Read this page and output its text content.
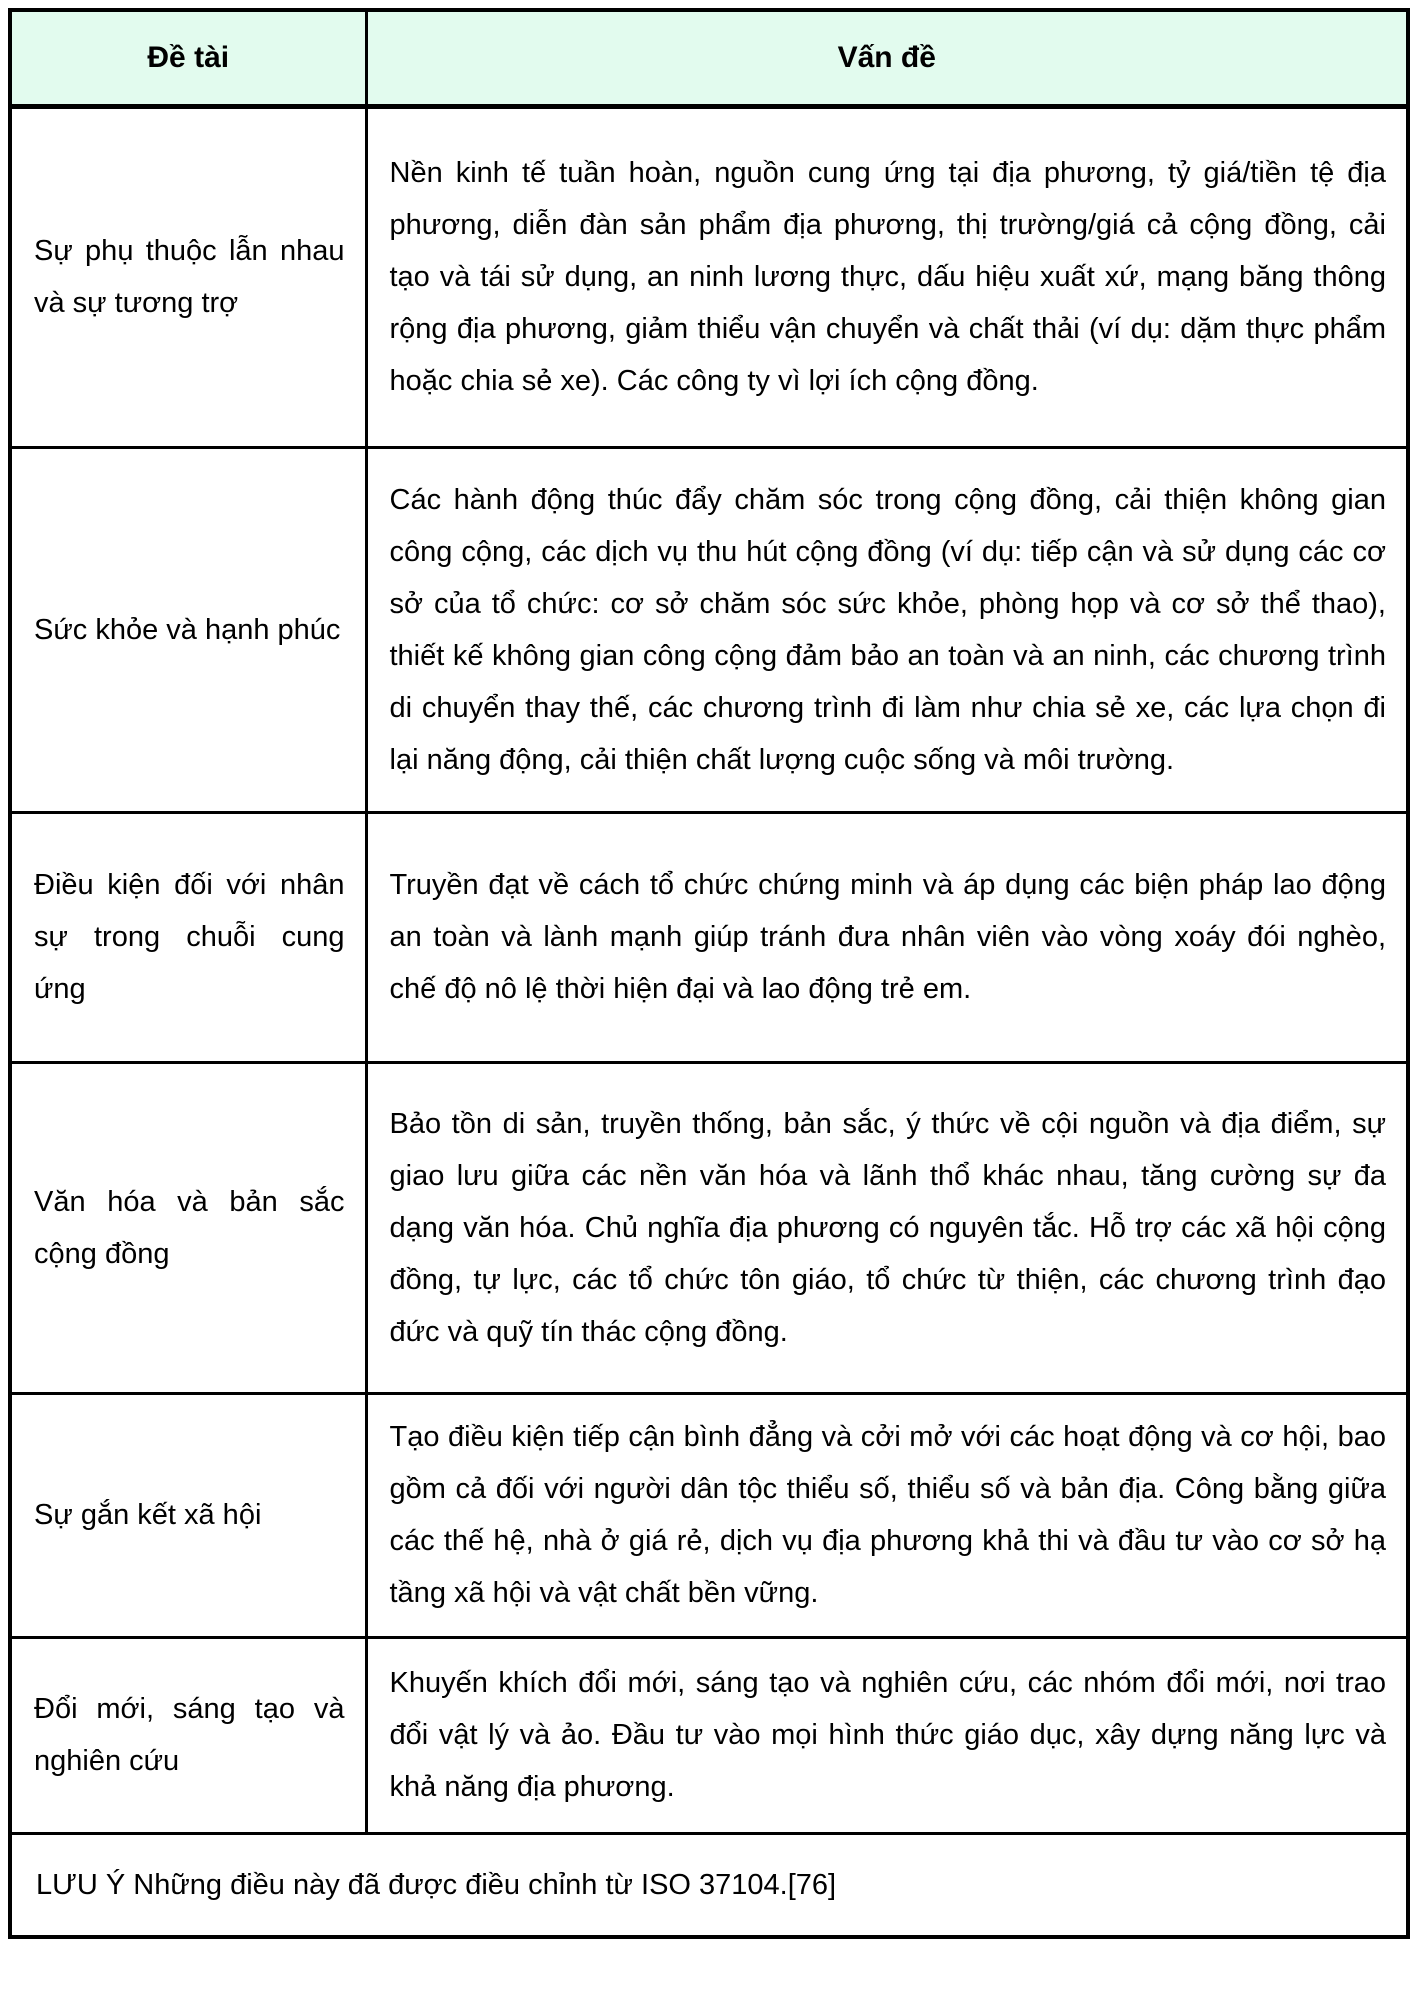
Đề tài	Vấn đề
Sự phụ thuộc lẫn nhau và sự tương trợ	Nền kinh tế tuần hoàn, nguồn cung ứng tại địa phương, tỷ giá/tiền tệ địa phương, diễn đàn sản phẩm địa phương, thị trường/giá cả cộng đồng, cải tạo và tái sử dụng, an ninh lương thực, dấu hiệu xuất xứ, mạng băng thông rộng địa phương, giảm thiểu vận chuyển và chất thải (ví dụ: dặm thực phẩm hoặc chia sẻ xe). Các công ty vì lợi ích cộng đồng.
Sức khỏe và hạnh phúc	Các hành động thúc đẩy chăm sóc trong cộng đồng, cải thiện không gian công cộng, các dịch vụ thu hút cộng đồng (ví dụ: tiếp cận và sử dụng các cơ sở của tổ chức: cơ sở chăm sóc sức khỏe, phòng họp và cơ sở thể thao), thiết kế không gian công cộng đảm bảo an toàn và an ninh, các chương trình di chuyển thay thế, các chương trình đi làm như chia sẻ xe, các lựa chọn đi lại năng động, cải thiện chất lượng cuộc sống và môi trường.
Điều kiện đối với nhân sự trong chuỗi cung ứng	Truyền đạt về cách tổ chức chứng minh và áp dụng các biện pháp lao động an toàn và lành mạnh giúp tránh đưa nhân viên vào vòng xoáy đói nghèo, chế độ nô lệ thời hiện đại và lao động trẻ em.
Văn hóa và bản sắc cộng đồng	Bảo tồn di sản, truyền thống, bản sắc, ý thức về cội nguồn và địa điểm, sự giao lưu giữa các nền văn hóa và lãnh thổ khác nhau, tăng cường sự đa dạng văn hóa. Chủ nghĩa địa phương có nguyên tắc. Hỗ trợ các xã hội cộng đồng, tự lực, các tổ chức tôn giáo, tổ chức từ thiện, các chương trình đạo đức và quỹ tín thác cộng đồng.
Sự gắn kết xã hội	Tạo điều kiện tiếp cận bình đẳng và cởi mở với các hoạt động và cơ hội, bao gồm cả đối với người dân tộc thiểu số, thiểu số và bản địa. Công bằng giữa các thế hệ, nhà ở giá rẻ, dịch vụ địa phương khả thi và đầu tư vào cơ sở hạ tầng xã hội và vật chất bền vững.
Đổi mới, sáng tạo và nghiên cứu	Khuyến khích đổi mới, sáng tạo và nghiên cứu, các nhóm đổi mới, nơi trao đổi vật lý và ảo. Đầu tư vào mọi hình thức giáo dục, xây dựng năng lực và khả năng địa phương.
LƯU Ý Những điều này đã được điều chỉnh từ ISO 37104.[76]	
